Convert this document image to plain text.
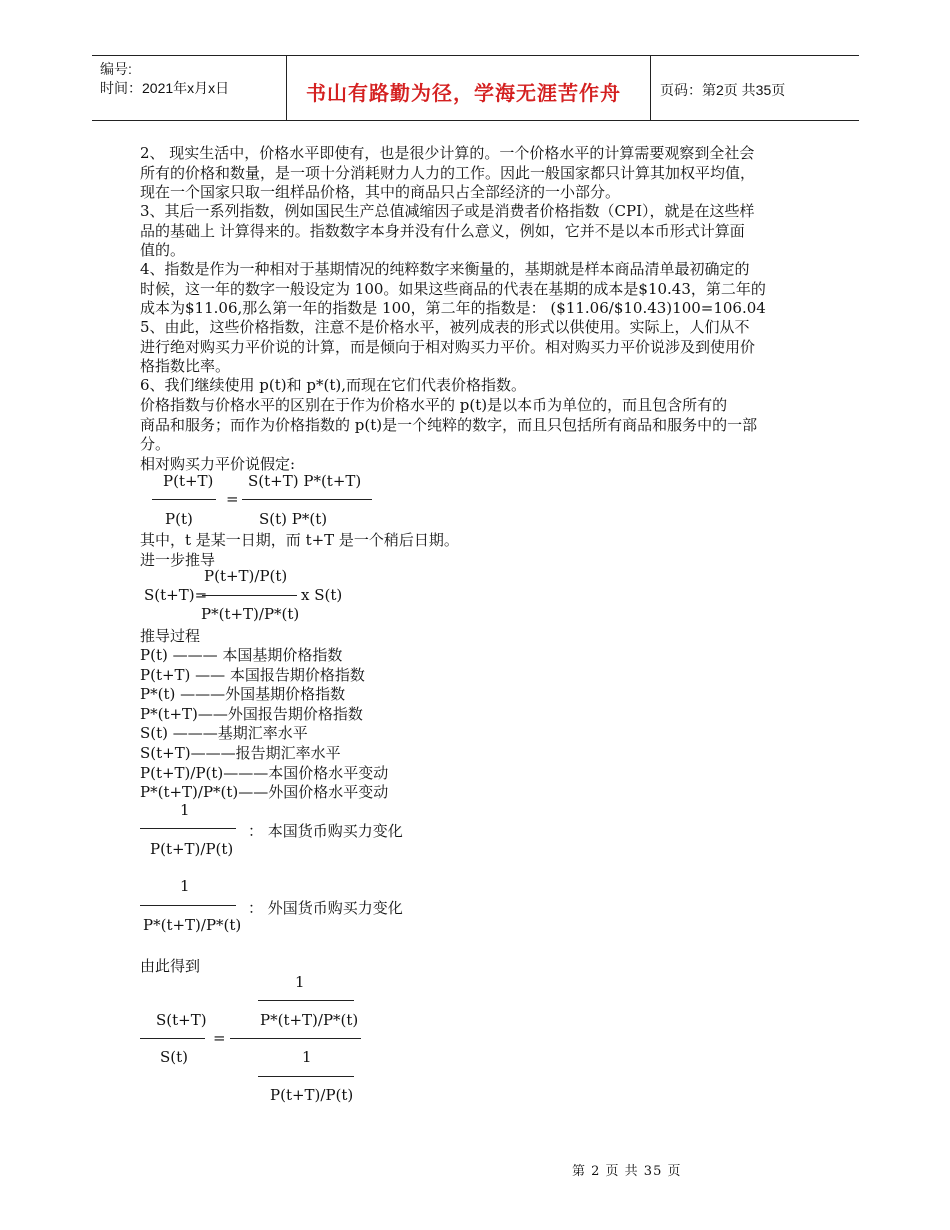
编号:
时间：2021年x月x日	书山有路勤为径，学海无涯苦作舟	页码：第2页 共35页
2、 现实生活中，价格水平即使有，也是很少计算的。一个价格水平的计算需要观察到全社会
所有的价格和数量，是一项十分消耗财力人力的工作。因此一般国家都只计算其加权平均值，
现在一个国家只取一组样品价格，其中的商品只占全部经济的一小部分。
3、其后一系列指数，例如国民生产总值减缩因子或是消费者价格指数（CPI），就是在这些样
品的基础上 计算得来的。指数数字本身并没有什么意义，例如，它并不是以本币形式计算面
值的。
4、指数是作为一种相对于基期情况的纯粹数字来衡量的，基期就是样本商品清单最初确定的
时候，这一年的数字一般设定为 100。如果这些商品的代表在基期的成本是$10.43，第二年的
成本为$11.06,那么第一年的指数是 100，第二年的指数是： ($11.06/$10.43)100=106.04
5、由此，这些价格指数，注意不是价格水平，被列成表的形式以供使用。实际上，人们从不
进行绝对购买力平价说的计算，而是倾向于相对购买力平价。相对购买力平价说涉及到使用价
格指数比率。
6、我们继续使用 p(t)和 p*(t),而现在它们代表价格指数。
价格指数与价格水平的区别在于作为价格水平的 p(t)是以本币为单位的，而且包含所有的
商品和服务；而作为价格指数的 p(t)是一个纯粹的数字，而且只包括所有商品和服务中的一部
分。
相对购买力平价说假定:
P(t+T)
=
S(t+T) P*(t+T)
P(t)	S(t) P*(t)
其中，t 是某一日期，而 t+T 是一个稍后日期。
进一步推导
P(t+T)/P(t)
S(t+T)=	x S(t)
P*(t+T)/P*(t)
推导过程
P(t) ——— 本国基期价格指数
P(t+T) —— 本国报告期价格指数
P*(t) ———外国基期价格指数
P*(t+T)——外国报告期价格指数
S(t) ———基期汇率水平
S(t+T)———报告期汇率水平
P(t+T)/P(t)———本国价格水平变动
P*(t+T)/P*(t)——外国价格水平变动
1
： 本国货币购买力变化
P(t+T)/P(t)
1
： 外国货币购买力变化
P*(t+T)/P*(t)
由此得到
1
P*(t+T)/P*(t)
S(t+T)
=
S(t)	1
P(t+T)/P(t)
第 2 页 共 35 页
